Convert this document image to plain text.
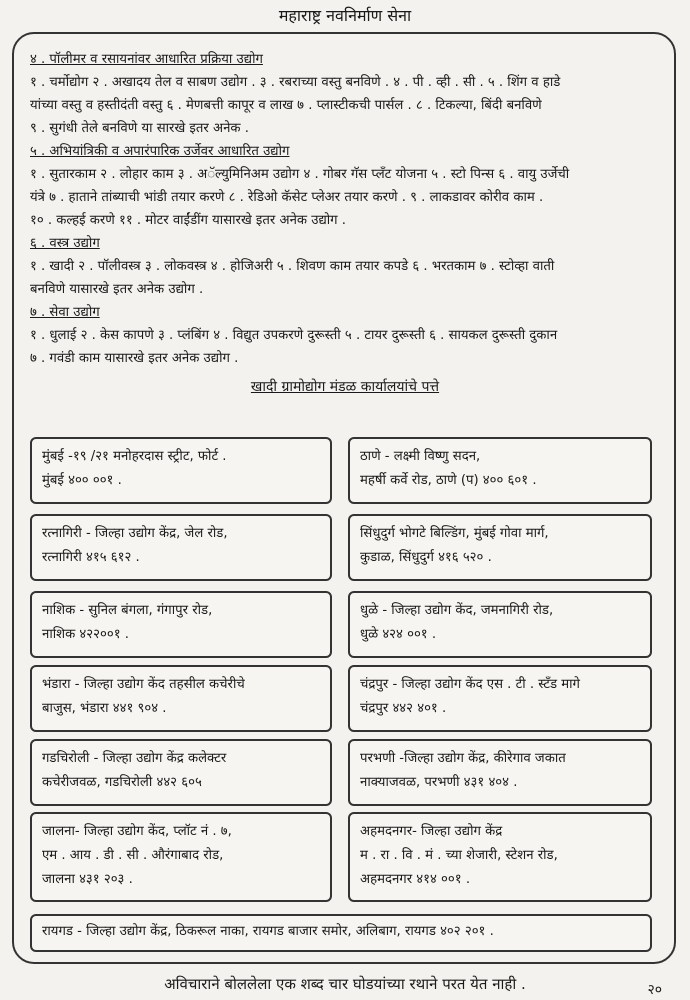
महाराष्ट्र नवनिर्माण सेना
४ . पॉलीमर व रसायनांवर आधारित प्रक्रिया उद्योग

१ . चर्मोद्योग २ . अखादय तेल व साबण उद्योग . ३ . रबराच्या वस्तु बनविणे . ४ . पी . व्ही . सी . ५ . शिंग व हाडे

यांच्या वस्तु व हस्तीदंती वस्तु ६ . मेणबत्ती कापूर व लाख ७ . प्लास्टीकची पार्सल . ८ . टिकल्या, बिंदी बनविणे

९ . सुगंधी तेले बनविणे या सारखे इतर अनेक .

५ . अभियांत्रिकी व अपारंपारिक उर्जेवर आधारित उद्योग

१ . सुतारकाम २ . लोहार काम ३ . अॅल्युमिनिअम उद्योग ४ . गोबर गॅस प्लॅंट योजना ५ . स्टो पिन्स ६ . वायु उर्जेची

यंत्रे ७ . हाताने तांब्याची भांडी तयार करणे ८ . रेडिओ कॅसेट प्लेअर तयार करणे . ९ . लाकडावर कोरीव काम .

१० . कल्हई करणे ११ . मोटर वाईंडींग यासारखे इतर अनेक उद्योग .

६ . वस्त्र उद्योग

१ . खादी २ . पॉलीवस्त्र ३ . लोकवस्त्र ४ . होजिअरी ५ . शिवण काम तयार कपडे ६ . भरतकाम ७ . स्टोव्हा वाती

बनविणे यासारखे इतर अनेक उद्योग .

७ . सेवा उद्योग

१ . धुलाई २ . केस कापणे ३ . प्लंबिंग ४ . विद्युत उपकरणे दुरूस्ती ५ . टायर दुरूस्ती ६ . सायकल दुरूस्ती दुकान

७ . गवंडी काम यासारखे इतर अनेक उद्योग .

खादी ग्रामोद्योग मंडळ कार्यालयांचे पत्ते
मुंबई -१९ /२१ मनोहरदास स्ट्रीट, फोर्ट .
मुंबई ४०० ००१ .
रत्नागिरी - जिल्हा उद्योग केंद्र, जेल रोड,
रत्नागिरी ४१५ ६१२ .
नाशिक - सुनिल बंगला, गंगापुर रोड,
नाशिक ४२२००१ .
भंडारा - जिल्हा उद्योग केंद तहसील कचेरीचे
बाजुस, भंडारा ४४१ ९०४ .
गडचिरोली - जिल्हा उद्योग केंद्र कलेक्टर
कचेरीजवळ, गडचिरोली ४४२ ६०५
जालना- जिल्हा उद्योग केंद, प्लॉट नं . ७,
एम . आय . डी . सी . औरंगाबाद रोड,
जालना ४३१ २०३ .
ठाणे - लक्ष्मी विष्णु सदन,
महर्षी कर्वे रोड, ठाणे (प) ४०० ६०१ .
सिंधुदुर्ग भोगटे बिल्डिंग, मुंबई गोवा मार्ग,
कुडाळ, सिंधुदुर्ग ४१६ ५२० .
धुळे - जिल्हा उद्योग केंद, जमनागिरी रोड,
धुळे ४२४ ००१ .
चंद्रपुर - जिल्हा उद्योग केंद एस . टी . स्टॅंड मागे
चंद्रपुर ४४२ ४०१ .
परभणी -जिल्हा उद्योग केंद्र, कीरेगाव जकात
नाक्याजवळ, परभणी ४३१ ४०४ .
अहमदनगर- जिल्हा उद्योग केंद्र
म . रा . वि . मं . च्या शेजारी, स्टेशन रोड,
अहमदनगर ४१४ ००१ .
रायगड - जिल्हा उद्योग केंद्र, ठिकरूल नाका, रायगड बाजार समोर, अलिबाग, रायगड ४०२ २०१ .
अविचाराने बोललेला एक शब्द चार घोडयांच्या रथाने परत येत नाही .	२०
